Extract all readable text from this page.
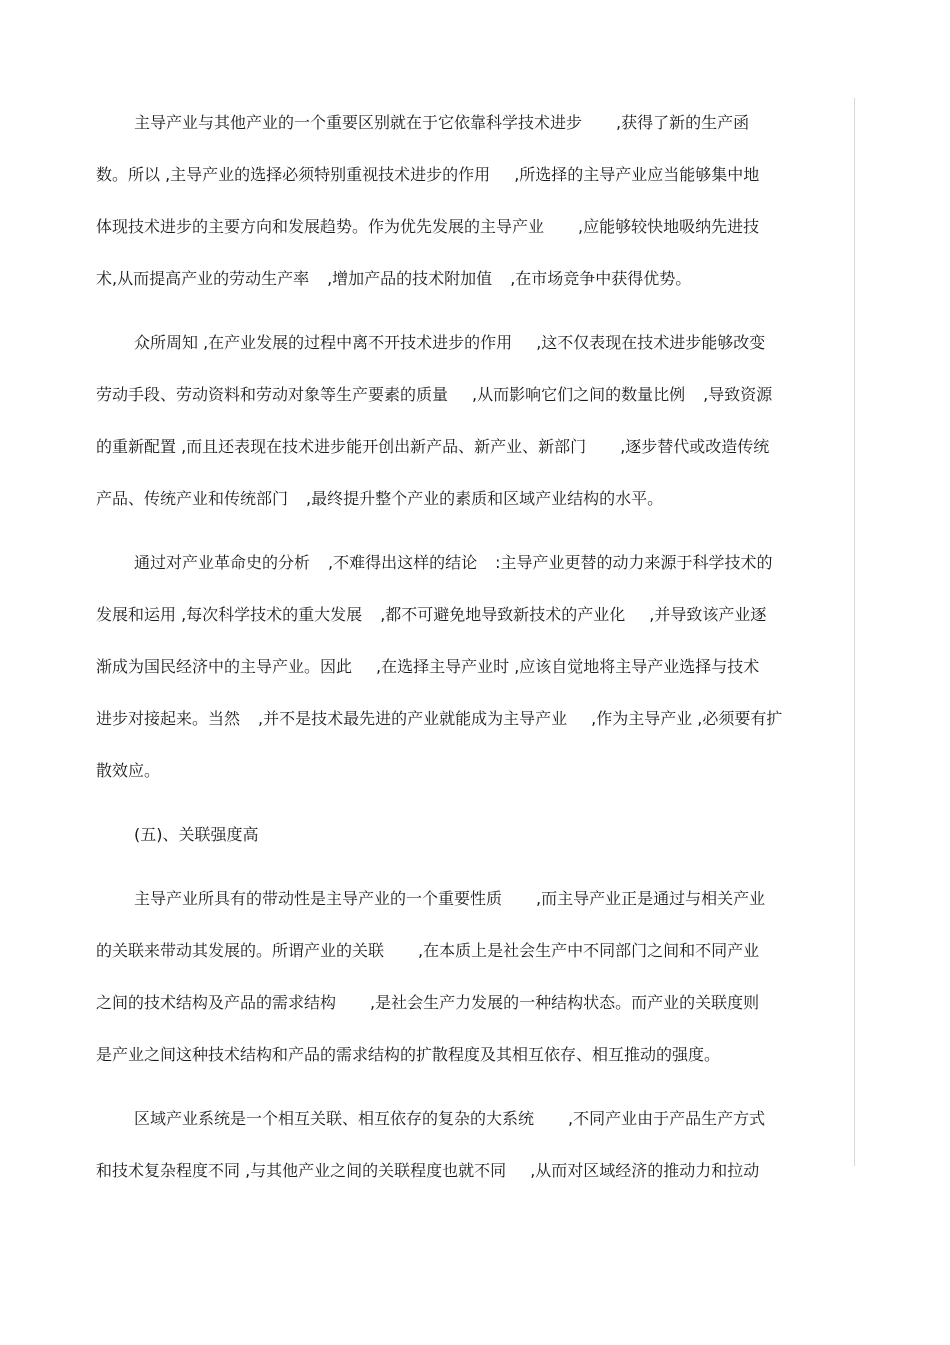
主导产业与其他产业的一个重要区别就在于它依靠科学技术进步 ,获得了新的生产函
数。所以 ,主导产业的选择必须特别重视技术进步的作用 ,所选择的主导产业应当能够集中地
体现技术进步的主要方向和发展趋势。作为优先发展的主导产业 ,应能够较快地吸纳先进技
术,从而提高产业的劳动生产率 ,增加产品的技术附加值 ,在市场竞争中获得优势。
众所周知 ,在产业发展的过程中离不开技术进步的作用 ,这不仅表现在技术进步能够改变
劳动手段、劳动资料和劳动对象等生产要素的质量 ,从而影响它们之间的数量比例 ,导致资源
的重新配置 ,而且还表现在技术进步能开创出新产品、新产业、新部门 ,逐步替代或改造传统
产品、传统产业和传统部门 ,最终提升整个产业的素质和区域产业结构的水平。
通过对产业革命史的分析 ,不难得出这样的结论 :主导产业更替的动力来源于科学技术的
发展和运用 ,每次科学技术的重大发展 ,都不可避免地导致新技术的产业化 ,并导致该产业逐
渐成为国民经济中的主导产业。因此 ,在选择主导产业时 ,应该自觉地将主导产业选择与技术
进步对接起来。当然 ,并不是技术最先进的产业就能成为主导产业 ,作为主导产业 ,必须要有扩
散效应。
(五)、关联强度高
主导产业所具有的带动性是主导产业的一个重要性质 ,而主导产业正是通过与相关产业
的关联来带动其发展的。所谓产业的关联 ,在本质上是社会生产中不同部门之间和不同产业
之间的技术结构及产品的需求结构 ,是社会生产力发展的一种结构状态。而产业的关联度则
是产业之间这种技术结构和产品的需求结构的扩散程度及其相互依存、相互推动的强度。
区域产业系统是一个相互关联、相互依存的复杂的大系统 ,不同产业由于产品生产方式
和技术复杂程度不同 ,与其他产业之间的关联程度也就不同 ,从而对区域经济的推动力和拉动
